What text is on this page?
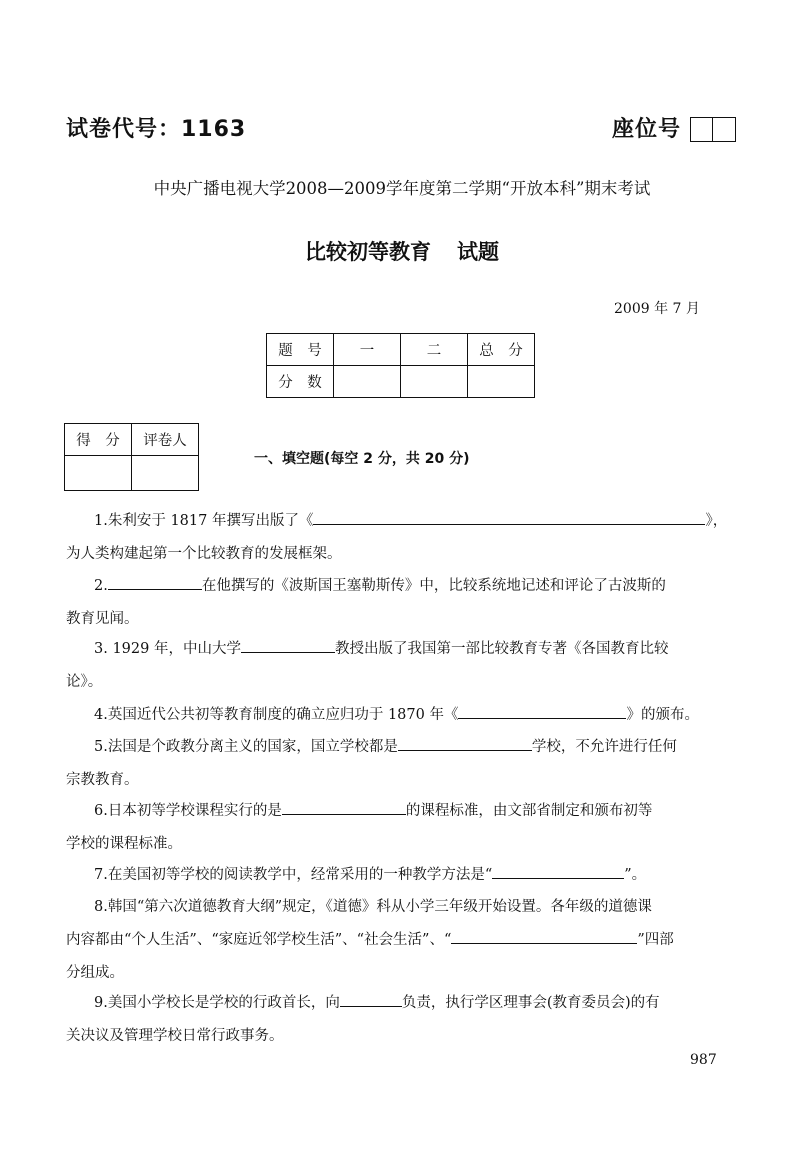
试卷代号：1163	座位号
中央广播电视大学2008—2009学年度第二学期“开放本科”期末考试
比较初等教育 试题
2009 年 7 月
题　号	一	二	总　分
分　数			
得　分	评卷人

一、填空题(每空 2 分，共 20 分)
1.朱利安于 1817 年撰写出版了《	》，
为人类构建起第一个比较教育的发展框架。
2.	在他撰写的《波斯国王塞勒斯传》中，比较系统地记述和评论了古波斯的
教育见闻。
3. 1929 年，中山大学	教授出版了我国第一部比较教育专著《各国教育比较
论》。
4.英国近代公共初等教育制度的确立应归功于 1870 年《	》的颁布。
5.法国是个政教分离主义的国家，国立学校都是	学校，不允许进行任何
宗教教育。
6.日本初等学校课程实行的是	的课程标准，由文部省制定和颁布初等
学校的课程标准。
7.在美国初等学校的阅读教学中，经常采用的一种教学方法是“	”。
8.韩国“第六次道德教育大纲”规定，《道德》科从小学三年级开始设置。各年级的道德课
内容都由“个人生活”、“家庭近邻学校生活”、“社会生活”、“	”四部
分组成。
9.美国小学校长是学校的行政首长，向	负责，执行学区理事会(教育委员会)的有
关决议及管理学校日常行政事务。
987
